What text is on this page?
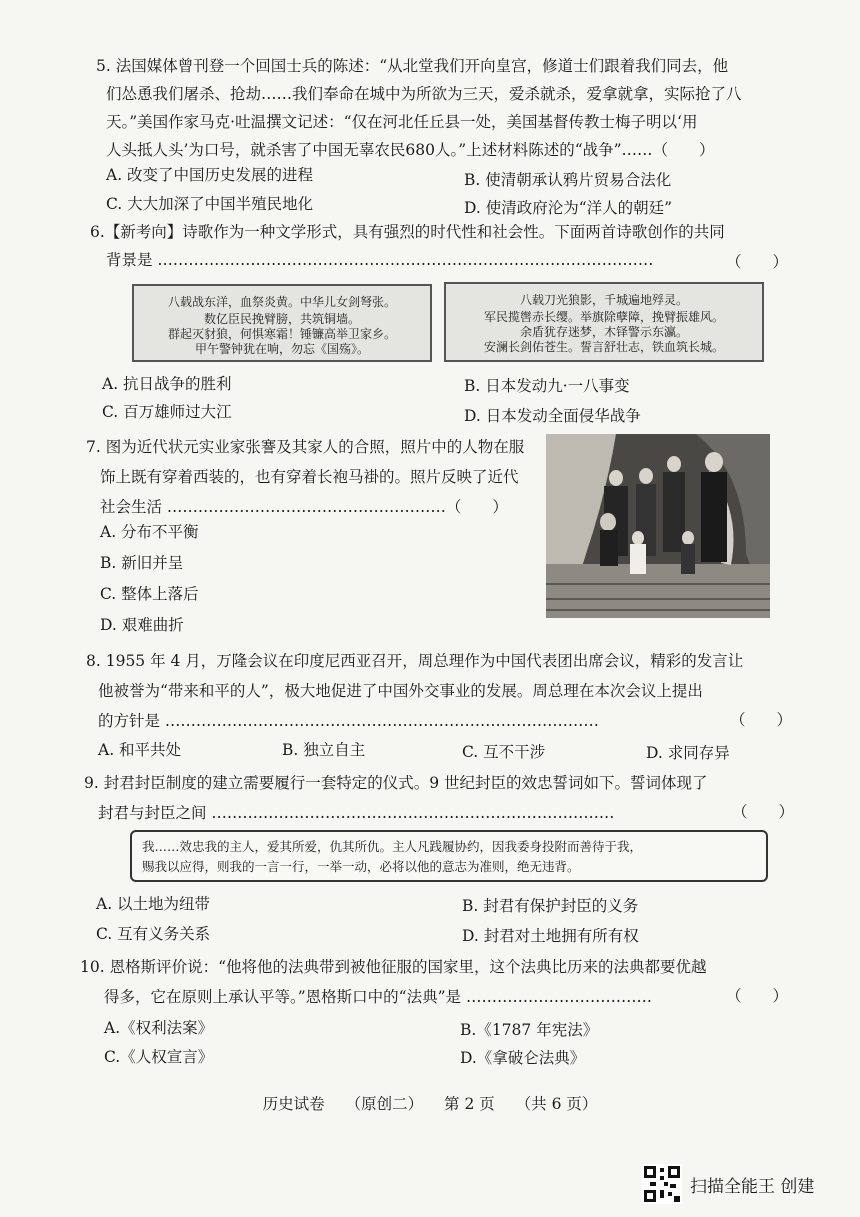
5. 法国媒体曾刊登一个回国士兵的陈述：“从北堂我们开向皇宫，修道士们跟着我们同去，他
们怂恿我们屠杀、抢劫……我们奉命在城中为所欲为三天，爱杀就杀，爱拿就拿，实际抢了八
天。”美国作家马克·吐温撰文记述：“仅在河北任丘县一处，美国基督传教士梅子明以‘用
人头抵人头’为口号，就杀害了中国无辜农民680人。”上述材料陈述的“战争”……（　　）
A. 改变了中国历史发展的进程	B. 使清朝承认鸦片贸易合法化
C. 大大加深了中国半殖民地化	D. 使清政府沦为“洋人的朝廷”
6.【新考向】诗歌作为一种文学形式，具有强烈的时代性和社会性。下面两首诗歌创作的共同
背景是 ……………………………………………………………………………………	（　　）
八载战东洋，血祭炎黄。中华儿女剑弩张。
数亿臣民挽臂膀，共筑铜墙。
群起灭豺狼，何惧寒霜！锤镰高举卫家乡。
甲午警钟犹在响，勿忘《国殇》。
八载刀光狼影，千城遍地殍灵。
军民揽辔赤长缨。举旗除孽障，挽臂振雄风。
余盾犹存迷梦，木铎警示东瀛。
安澜长剑佑苍生。誓言舒壮志，铁血筑长城。
A. 抗日战争的胜利	B. 日本发动九·一八事变
C. 百万雄师过大江	D. 日本发动全面侵华战争
7. 图为近代状元实业家张謇及其家人的合照，照片中的人物在服
饰上既有穿着西装的，也有穿着长袍马褂的。照片反映了近代
社会生活 ………………………………………………（　　）
A. 分布不平衡
B. 新旧并呈
C. 整体上落后
D. 艰难曲折
8. 1955 年 4 月，万隆会议在印度尼西亚召开，周总理作为中国代表团出席会议，精彩的发言让
他被誉为“带来和平的人”，极大地促进了中国外交事业的发展。周总理在本次会议上提出
的方针是 …………………………………………………………………………	（　　）
A. 和平共处	B. 独立自主	C. 互不干涉	D. 求同存异
9. 封君封臣制度的建立需要履行一套特定的仪式。9 世纪封臣的效忠誓词如下。誓词体现了
封君与封臣之间 ……………………………………………………………………	（　　）
我……效忠我的主人，爱其所爱，仇其所仇。主人凡践履协约，因我委身投附而善待于我，
赐我以应得，则我的一言一行，一举一动，必将以他的意志为准则，绝无违背。
A. 以土地为纽带	B. 封君有保护封臣的义务
C. 互有义务关系	D. 封君对土地拥有所有权
10. 恩格斯评价说：“他将他的法典带到被他征服的国家里，这个法典比历来的法典都要优越
得多，它在原则上承认平等。”恩格斯口中的“法典”是 ………………………………	（　　）
A.《权利法案》	B.《1787 年宪法》
C.《人权宣言》	D.《拿破仑法典》
历史试卷 （原创二） 第 2 页 （共 6 页）
扫描全能王 创建
